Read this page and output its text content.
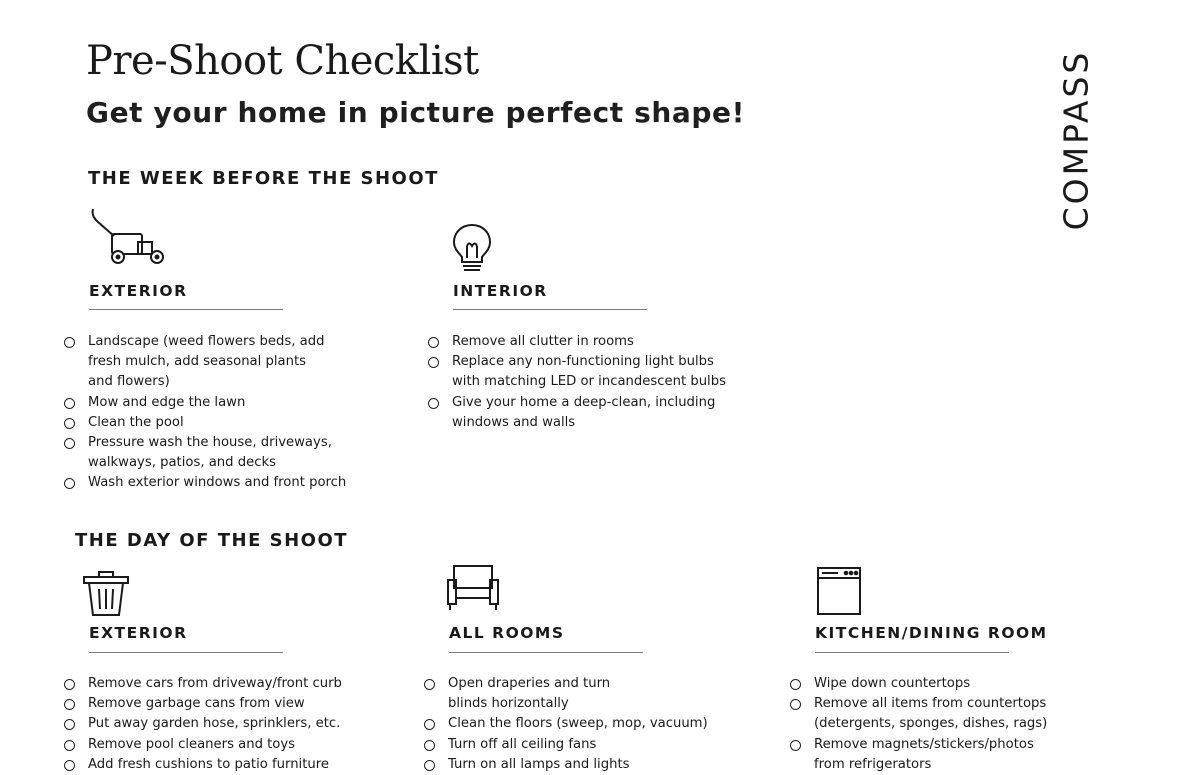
Pre-Shoot Checklist
Get your home in picture perfect shape!	COMPASS
THE WEEK BEFORE THE SHOOT
EXTERIOR
Landscape (weed flowers beds, add
fresh mulch, add seasonal plants
and flowers)
Mow and edge the lawn
Clean the pool
Pressure wash the house, driveways,
walkways, patios, and decks
Wash exterior windows and front porch
INTERIOR
Remove all clutter in rooms
Replace any non-functioning light bulbs
with matching LED or incandescent bulbs
Give your home a deep-clean, including
windows and walls
THE DAY OF THE SHOOT
EXTERIOR
Remove cars from driveway/front curb
Remove garbage cans from view
Put away garden hose, sprinklers, etc.
Remove pool cleaners and toys
Add fresh cushions to patio furniture
ALL ROOMS
Open draperies and turn
blinds horizontally
Clean the floors (sweep, mop, vacuum)
Turn off all ceiling fans
Turn on all lamps and lights
KITCHEN/DINING ROOM
Wipe down countertops
Remove all items from countertops
(detergents, sponges, dishes, rags)
Remove magnets/stickers/photos
from refrigerators
